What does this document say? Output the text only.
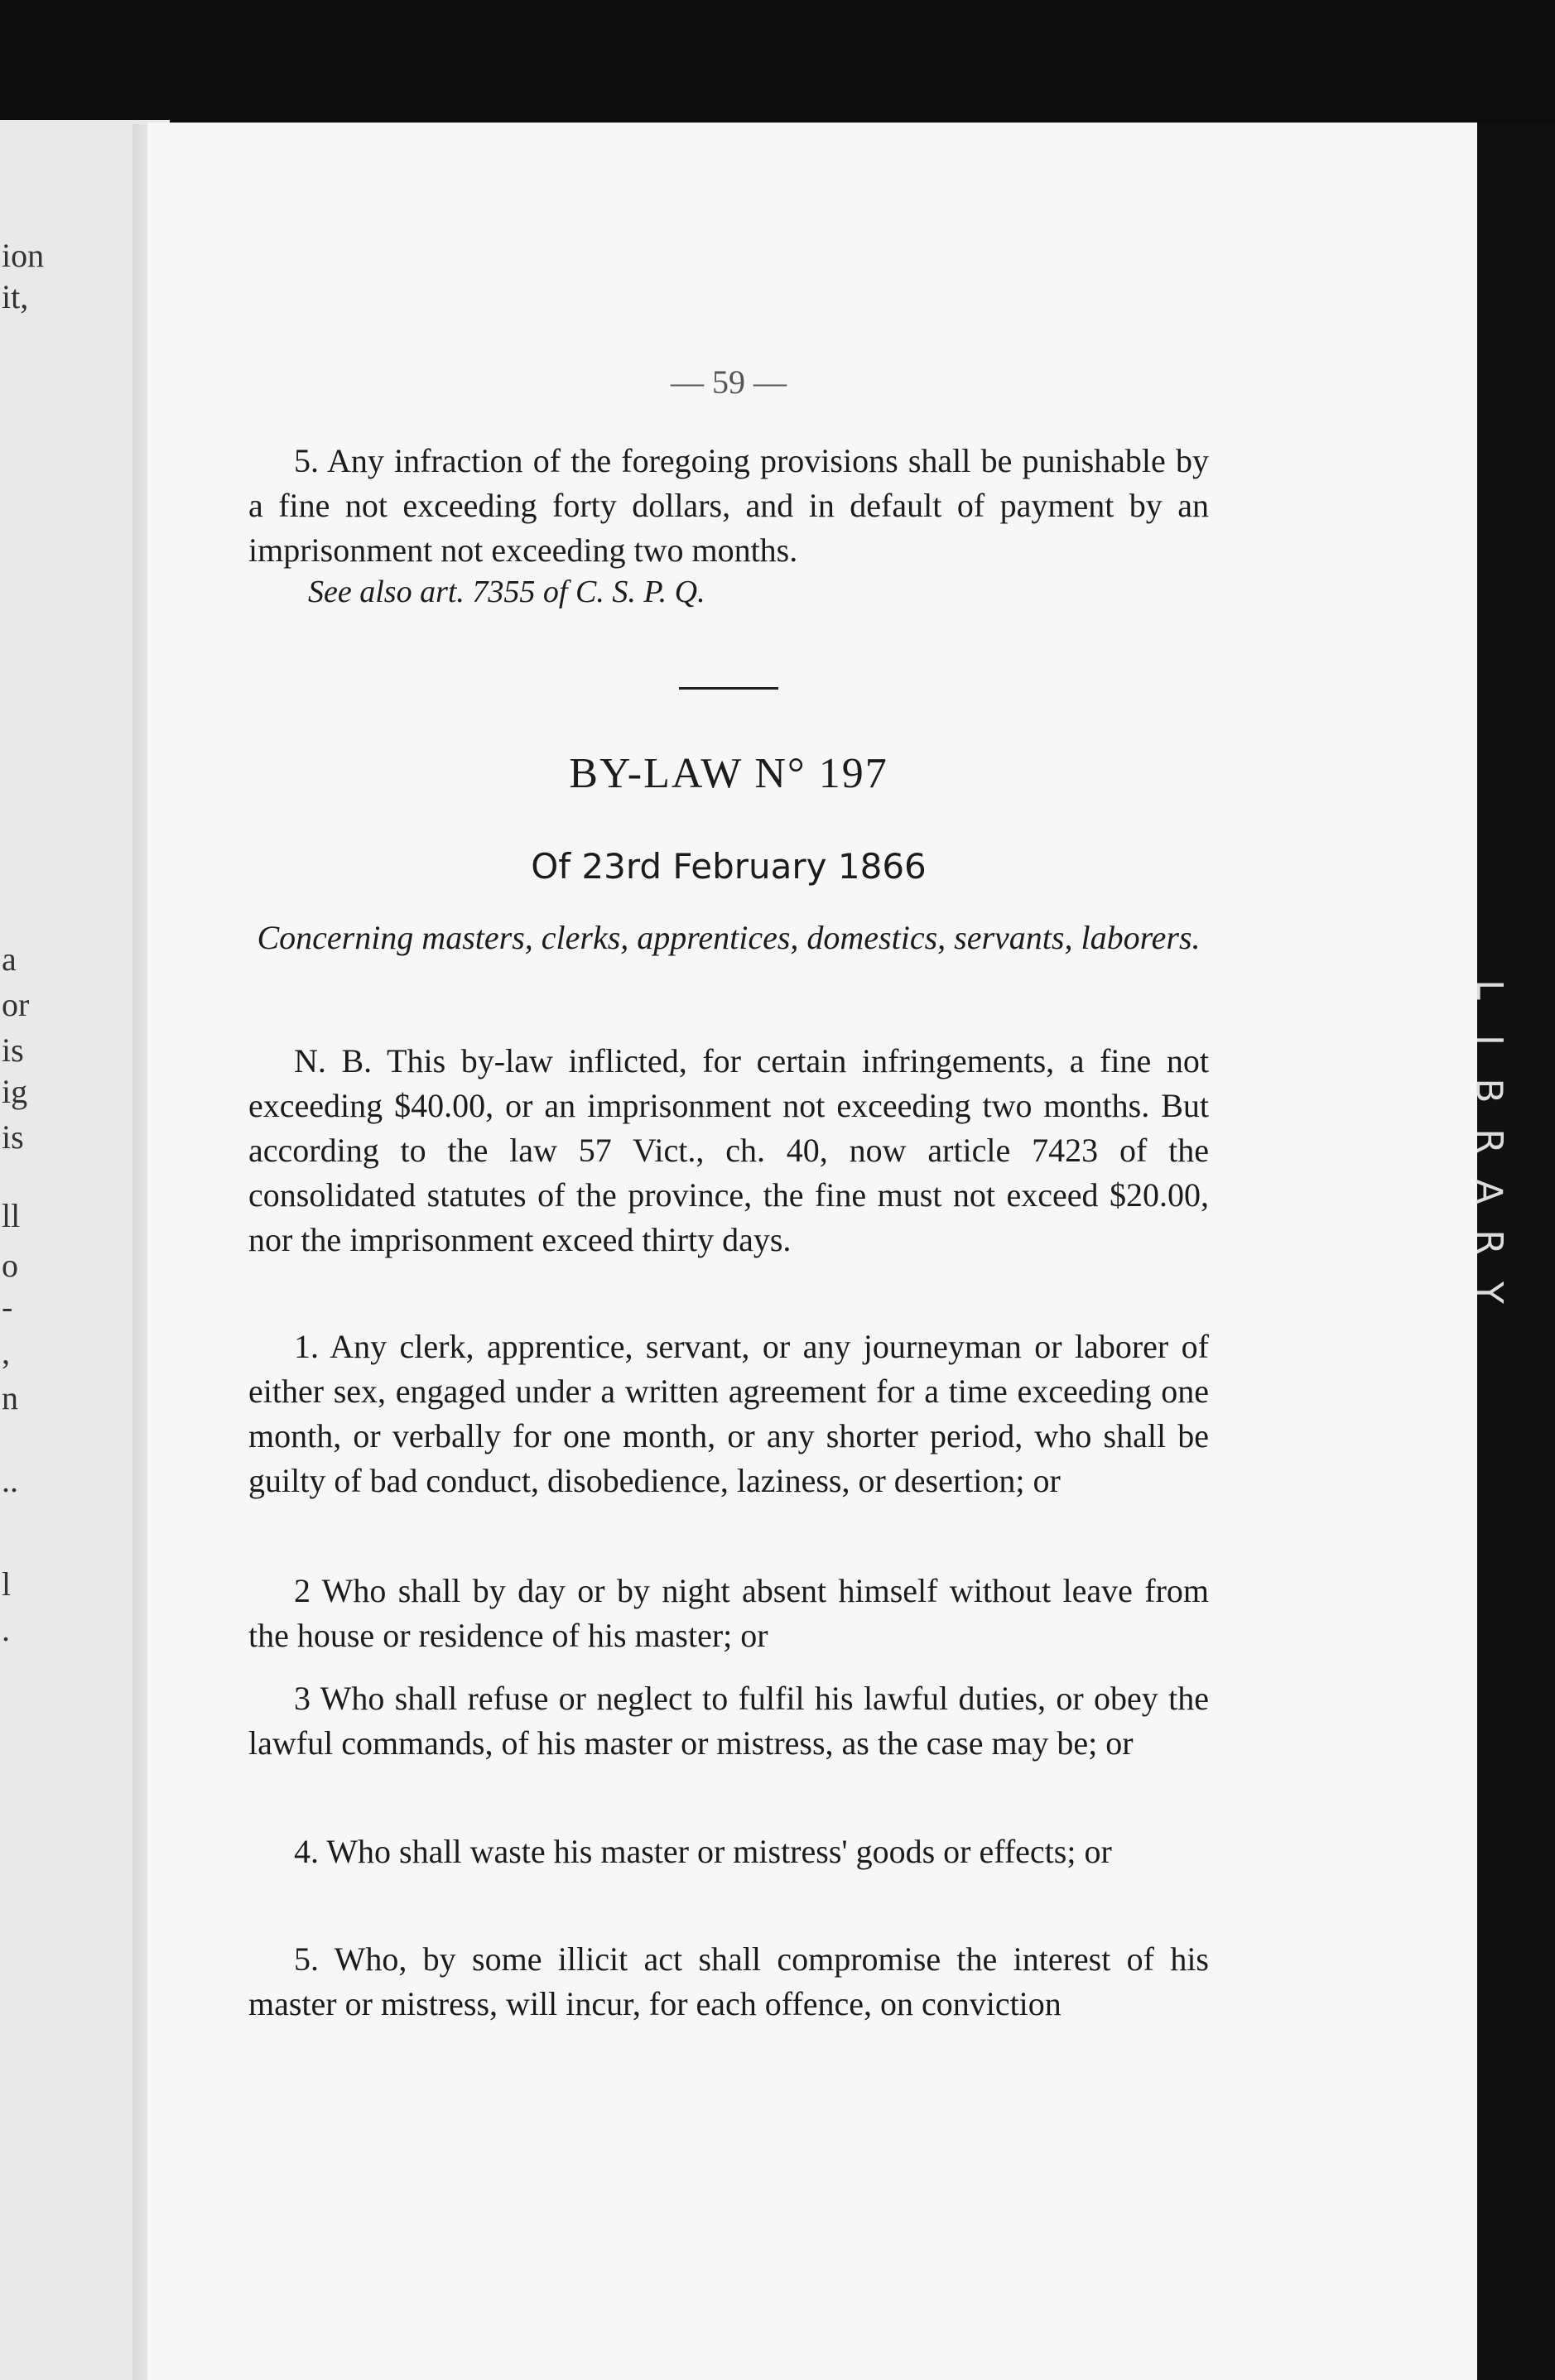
ion
it,
a
or
is
ig
is
ll
o
-
,
n
..
l
.
L
I
B
R
A
R
Y
— 59 —
5. Any infraction of the foregoing provisions shall be punishable by a fine not exceeding forty dollars, and in default of payment by an imprisonment not exceeding two months.
See also art. 7355 of C. S. P. Q.
BY-LAW N° 197
Of 23rd February 1866
Concerning masters, clerks, apprentices, domestics, servants, laborers.
N. B. This by-law inflicted, for certain infringements, a fine not exceeding $40.00, or an imprisonment not exceeding two months. But according to the law 57 Vict., ch. 40, now article 7423 of the consolidated statutes of the province, the fine must not exceed $20.00, nor the imprisonment exceed thirty days.
1. Any clerk, apprentice, servant, or any journeyman or laborer of either sex, engaged under a written agreement for a time exceeding one month, or verbally for one month, or any shorter period, who shall be guilty of bad conduct, disobedience, laziness, or desertion; or
2 Who shall by day or by night absent himself without leave from the house or residence of his master; or
3 Who shall refuse or neglect to fulfil his lawful duties, or obey the lawful commands, of his master or mistress, as the case may be; or
4. Who shall waste his master or mistress' goods or effects; or
5. Who, by some illicit act shall compromise the interest of his master or mistress, will incur, for each offence, on conviction
